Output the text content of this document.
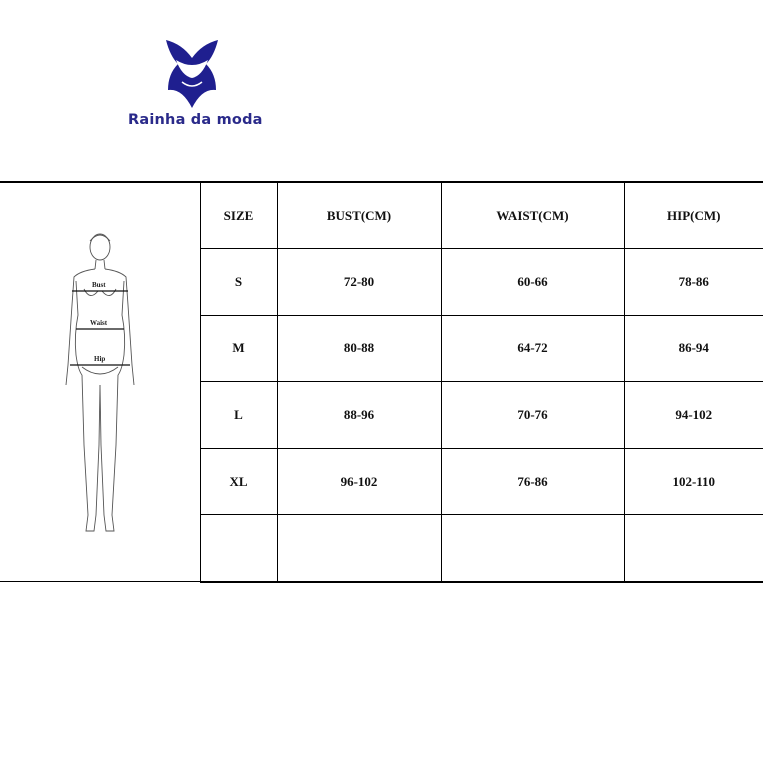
Rainha da moda
Bust
Waist
Hip	SIZE	BUST(CM)	WAIST(CM)	HIP(CM)
	S	72-80	60-66	78-86
	M	80-88	64-72	86-94
	L	88-96	70-76	94-102
	XL	96-102	76-86	102-110
